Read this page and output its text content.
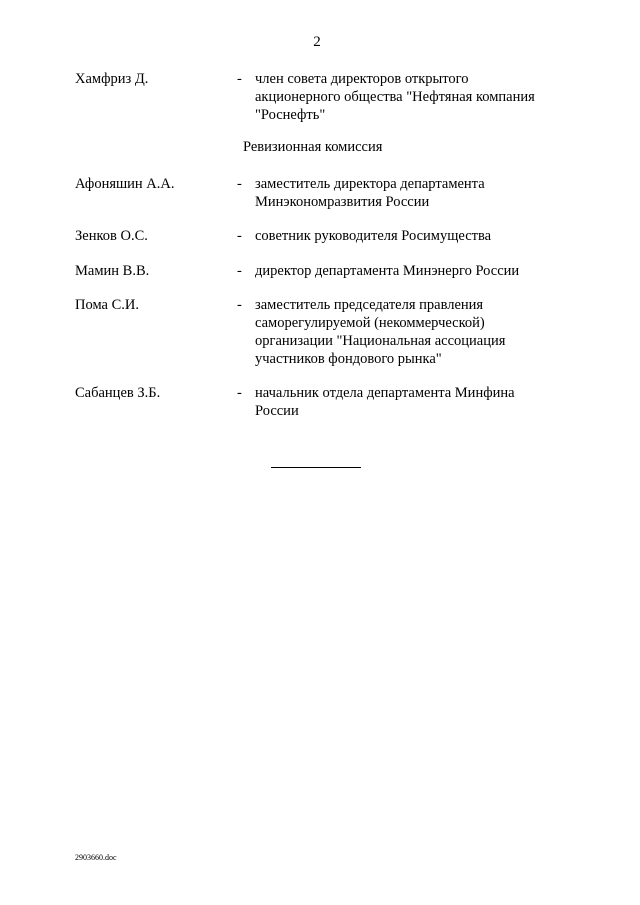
2
Хамфриз Д.	- член совета директоров открытого
акционерного общества "Нефтяная компания
"Роснефть"
Ревизионная комиссия
Афоняшин А.А.	- заместитель директора департамента
Минэкономразвития России
Зенков О.С.	- советник руководителя Росимущества
Мамин В.В.	- директор департамента Минэнерго России
Пома С.И.	- заместитель председателя правления
саморегулируемой (некоммерческой)
организации "Национальная ассоциация
участников фондового рынка"
Сабанцев З.Б.	- начальник отдела департамента Минфина
России
2903660.doc
